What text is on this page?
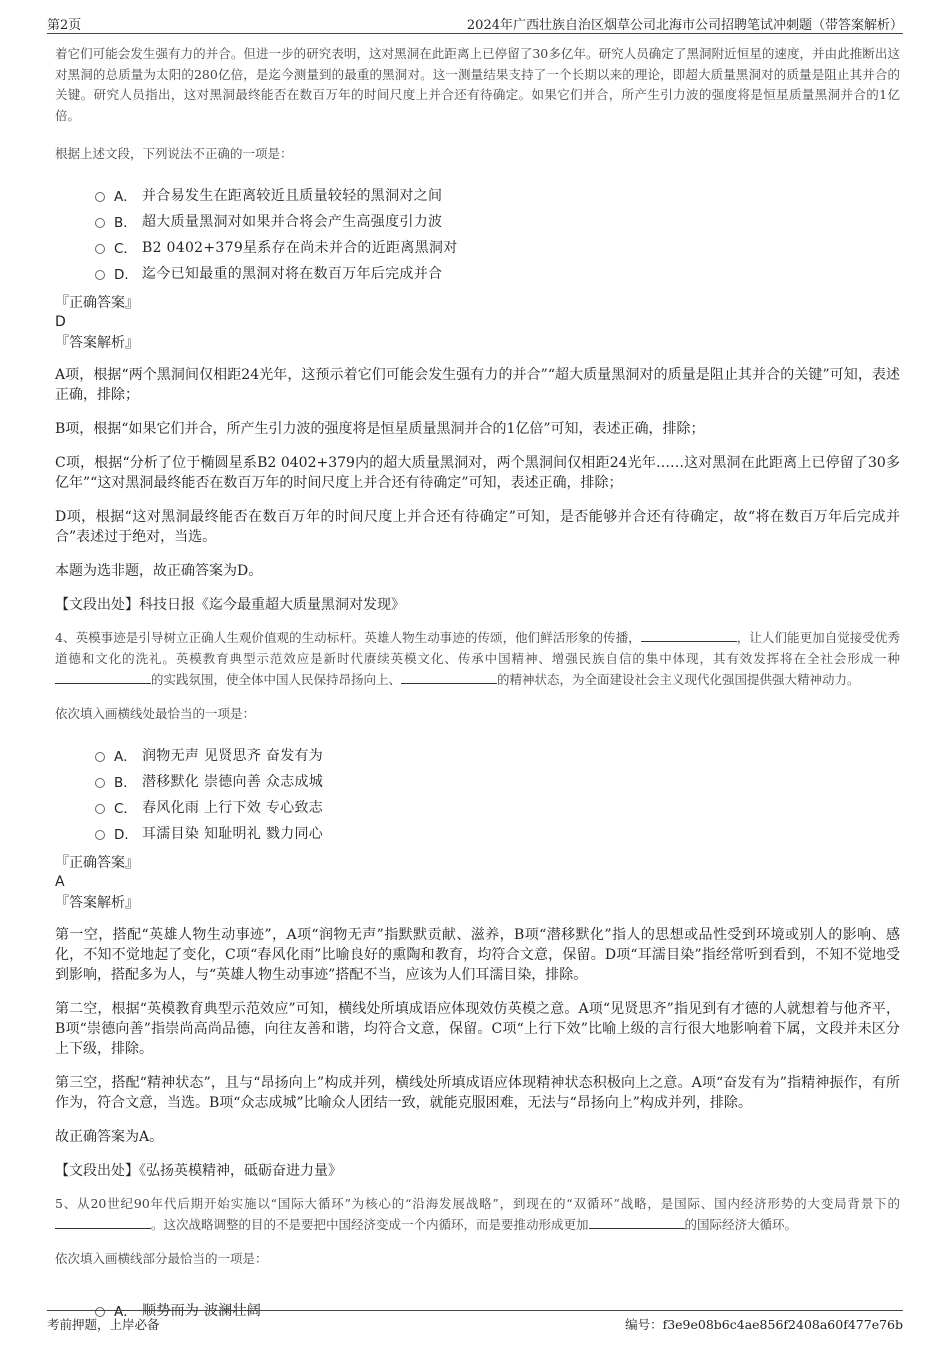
第2页	2024年广西壮族自治区烟草公司北海市公司招聘笔试冲刺题（带答案解析）

着它们可能会发生强有力的并合。但进一步的研究表明，这对黑洞在此距离上已停留了30多亿年。研究人员确定了黑洞附近恒星的速度，并由此推断出这对黑洞的总质量为太阳的280亿倍，是迄今测量到的最重的黑洞对。这一测量结果支持了一个长期以来的理论，即超大质量黑洞对的质量是阻止其并合的关键。研究人员指出，这对黑洞最终能否在数百万年的时间尺度上并合还有待确定。如果它们并合，所产生引力波的强度将是恒星质量黑洞并合的1亿倍。

根据上述文段，下列说法不正确的一项是：

A． 并合易发生在距离较近且质量较轻的黑洞对之间
B． 超大质量黑洞对如果并合将会产生高强度引力波
C． B2 0402+379星系存在尚未并合的近距离黑洞对
D． 迄今已知最重的黑洞对将在数百万年后完成并合

『正确答案』

D

『答案解析』

A项，根据“两个黑洞间仅相距24光年，这预示着它们可能会发生强有力的并合”“超大质量黑洞对的质量是阻止其并合的关键”可知，表述正确，排除；

B项，根据“如果它们并合，所产生引力波的强度将是恒星质量黑洞并合的1亿倍”可知，表述正确，排除；

C项，根据“分析了位于椭圆星系B2 0402+379内的超大质量黑洞对，两个黑洞间仅相距24光年……这对黑洞在此距离上已停留了30多亿年”“这对黑洞最终能否在数百万年的时间尺度上并合还有待确定”可知，表述正确，排除；

D项，根据“这对黑洞最终能否在数百万年的时间尺度上并合还有待确定”可知，是否能够并合还有待确定，故“将在数百万年后完成并合”表述过于绝对，当选。

本题为选非题，故正确答案为D。

【文段出处】科技日报《迄今最重超大质量黑洞对发现》

4、英模事迹是引导树立正确人生观价值观的生动标杆。英雄人物生动事迹的传颂，他们鲜活形象的传播，	，让人们能更加自觉接受优秀道德和文化的洗礼。英模教育典型示范效应是新时代赓续英模文化、传承中国精神、增强民族自信的集中体现，其有效发挥将在全社会形成一种的实践氛围，使全体中国人民保持昂扬向上、	的精神状态，为全面建设社会主义现代化强国提供强大精神动力。

依次填入画横线处最恰当的一项是：

A． 润物无声 见贤思齐 奋发有为
B． 潜移默化 崇德向善 众志成城
C． 春风化雨 上行下效 专心致志
D． 耳濡目染 知耻明礼 戮力同心

『正确答案』

A

『答案解析』

第一空，搭配“英雄人物生动事迹”，A项“润物无声”指默默贡献、滋养，B项“潜移默化”指人的思想或品性受到环境或别人的影响、感化，不知不觉地起了变化，C项“春风化雨”比喻良好的熏陶和教育，均符合文意，保留。D项“耳濡目染”指经常听到看到，不知不觉地受到影响，搭配多为人，与“英雄人物生动事迹”搭配不当，应该为人们耳濡目染，排除。

第二空，根据“英模教育典型示范效应”可知，横线处所填成语应体现效仿英模之意。A项“见贤思齐”指见到有才德的人就想着与他齐平，B项“崇德向善”指崇尚高尚品德，向往友善和谐，均符合文意，保留。C项“上行下效”比喻上级的言行很大地影响着下属，文段并未区分上下级，排除。

第三空，搭配“精神状态”，且与“昂扬向上”构成并列，横线处所填成语应体现精神状态积极向上之意。A项“奋发有为”指精神振作，有所作为，符合文意，当选。B项“众志成城”比喻众人团结一致，就能克服困难，无法与“昂扬向上”构成并列，排除。

故正确答案为A。

【文段出处】《弘扬英模精神，砥砺奋进力量》

5、从20世纪90年代后期开始实施以“国际大循环”为核心的“沿海发展战略”，到现在的“双循环”战略，是国际、国内经济形势的大变局背景下的。这次战略调整的目的不是要把中国经济变成一个内循环，而是要推动形成更加	的国际经济大循环。

依次填入画横线部分最恰当的一项是：

A． 顺势而为 波澜壮阔
考前押题，上岸必备	编号：f3e9e08b6c4ae856f2408a60f477e76b
